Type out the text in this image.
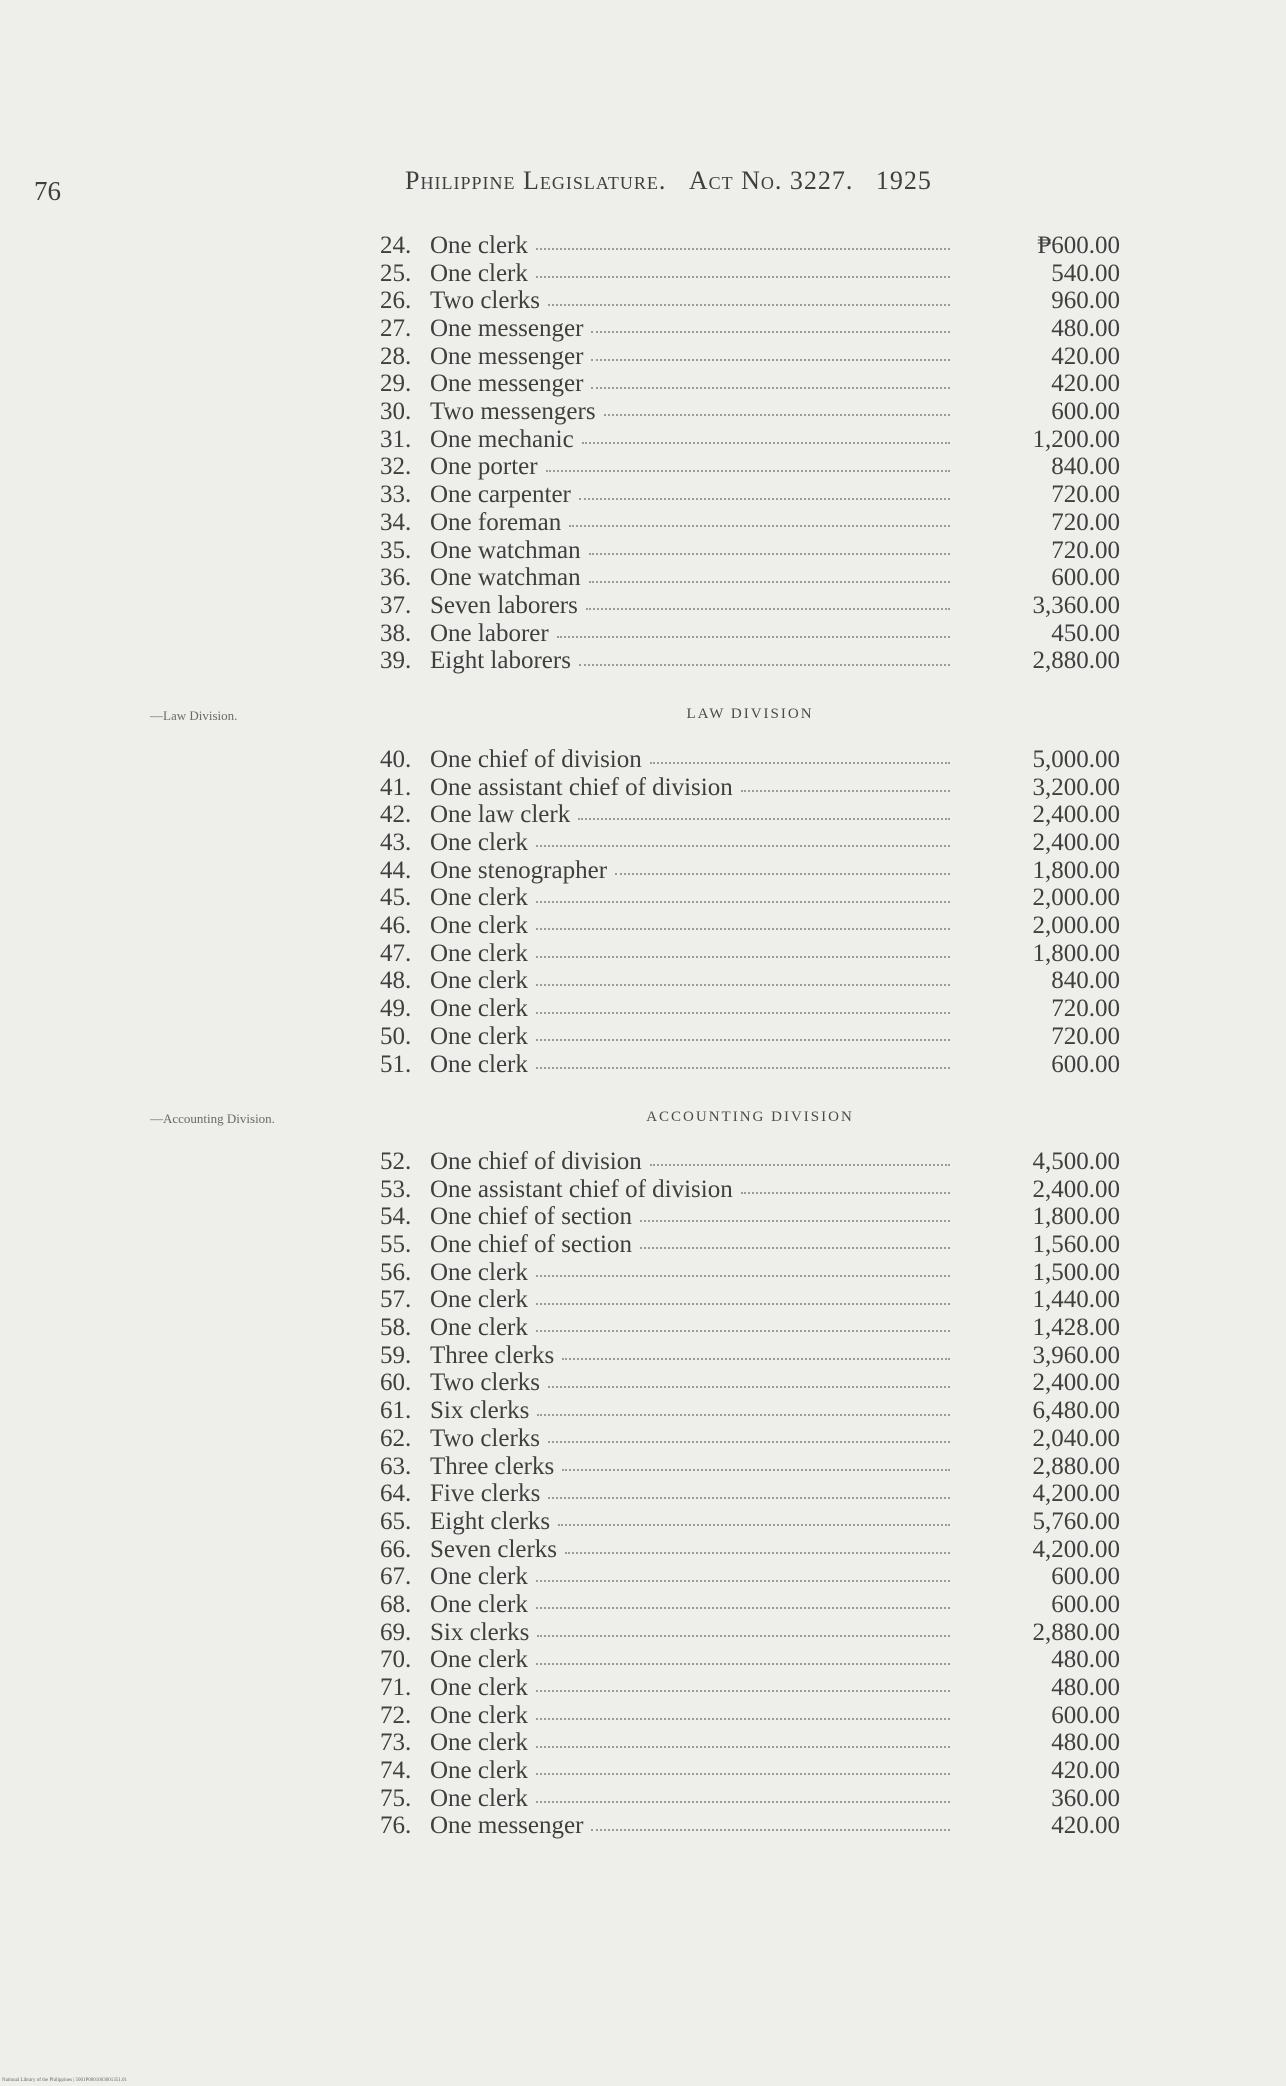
76	Philippine Legislature. Act No. 3227. 1925
24. One clerk	₱600.00
25. One clerk	540.00
26. Two clerks	960.00
27. One messenger	480.00
28. One messenger	420.00
29. One messenger	420.00
30. Two messengers	600.00
31. One mechanic	1,200.00
32. One porter	840.00
33. One carpenter	720.00
34. One foreman	720.00
35. One watchman	720.00
36. One watchman	600.00
37. Seven laborers	3,360.00
38. One laborer	450.00
39. Eight laborers	2,880.00
—Law Division.	LAW DIVISION
40. One chief of division	5,000.00
41. One assistant chief of division	3,200.00
42. One law clerk	2,400.00
43. One clerk	2,400.00
44. One stenographer	1,800.00
45. One clerk	2,000.00
46. One clerk	2,000.00
47. One clerk	1,800.00
48. One clerk	840.00
49. One clerk	720.00
50. One clerk	720.00
51. One clerk	600.00
—Accounting Division.	ACCOUNTING DIVISION
52. One chief of division	4,500.00
53. One assistant chief of division	2,400.00
54. One chief of section	1,800.00
55. One chief of section	1,560.00
56. One clerk	1,500.00
57. One clerk	1,440.00
58. One clerk	1,428.00
59. Three clerks	3,960.00
60. Two clerks	2,400.00
61. Six clerks	6,480.00
62. Two clerks	2,040.00
63. Three clerks	2,880.00
64. Five clerks	4,200.00
65. Eight clerks	5,760.00
66. Seven clerks	4,200.00
67. One clerk	600.00
68. One clerk	600.00
69. Six clerks	2,880.00
70. One clerk	480.00
71. One clerk	480.00
72. One clerk	600.00
73. One clerk	480.00
74. One clerk	420.00
75. One clerk	360.00
76. One messenger	420.00
National Library of the Philippines | 5001P0001003001351.01
